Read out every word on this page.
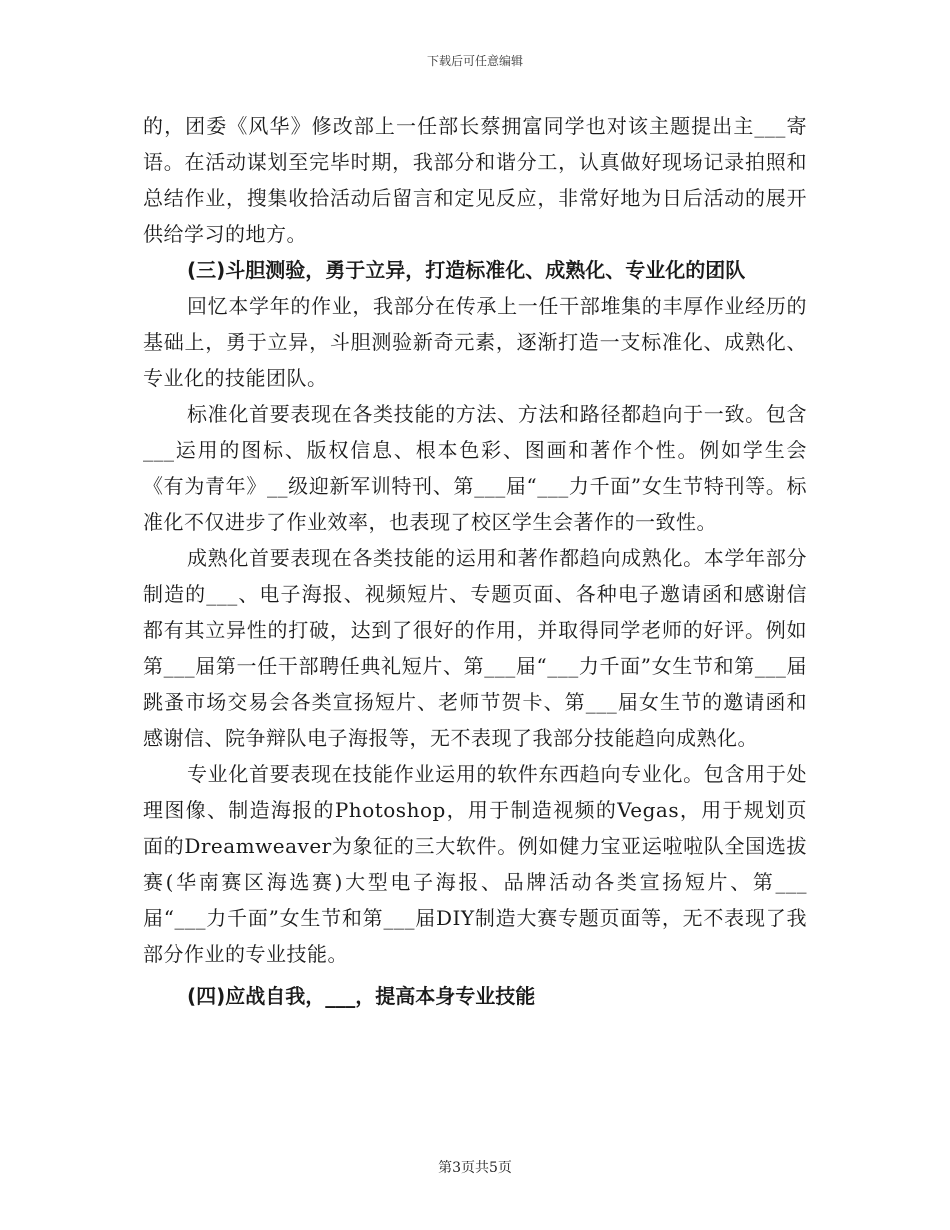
下载后可任意编辑

的，团委《风华》修改部上一任部长蔡拥富同学也对该主题提出主___寄语。在活动谋划至完毕时期，我部分和谐分工，认真做好现场记录拍照和总结作业，搜集收拾活动后留言和定见反应，非常好地为日后活动的展开供给学习的地方。

(三)斗胆测验，勇于立异，打造标准化、成熟化、专业化的团队

回忆本学年的作业，我部分在传承上一任干部堆集的丰厚作业经历的基础上，勇于立异，斗胆测验新奇元素，逐渐打造一支标准化、成熟化、专业化的技能团队。

标准化首要表现在各类技能的方法、方法和路径都趋向于一致。包含___运用的图标、版权信息、根本色彩、图画和著作个性。例如学生会《有为青年》__级迎新军训特刊、第___届“___力千面”女生节特刊等。标准化不仅进步了作业效率，也表现了校区学生会著作的一致性。

成熟化首要表现在各类技能的运用和著作都趋向成熟化。本学年部分制造的___、电子海报、视频短片、专题页面、各种电子邀请函和感谢信都有其立异性的打破，达到了很好的作用，并取得同学老师的好评。例如第___届第一任干部聘任典礼短片、第___届“___力千面”女生节和第___届跳蚤市场交易会各类宣扬短片、老师节贺卡、第___届女生节的邀请函和感谢信、院争辩队电子海报等，无不表现了我部分技能趋向成熟化。

专业化首要表现在技能作业运用的软件东西趋向专业化。包含用于处理图像、制造海报的Photoshop，用于制造视频的Vegas，用于规划页面的Dreamweaver为象征的三大软件。例如健力宝亚运啦啦队全国选拔赛(华南赛区海选赛)大型电子海报、品牌活动各类宣扬短片、第___届“___力千面”女生节和第___届DIY制造大赛专题页面等，无不表现了我部分作业的专业技能。

(四)应战自我，___，提高本身专业技能

第3页共5页
